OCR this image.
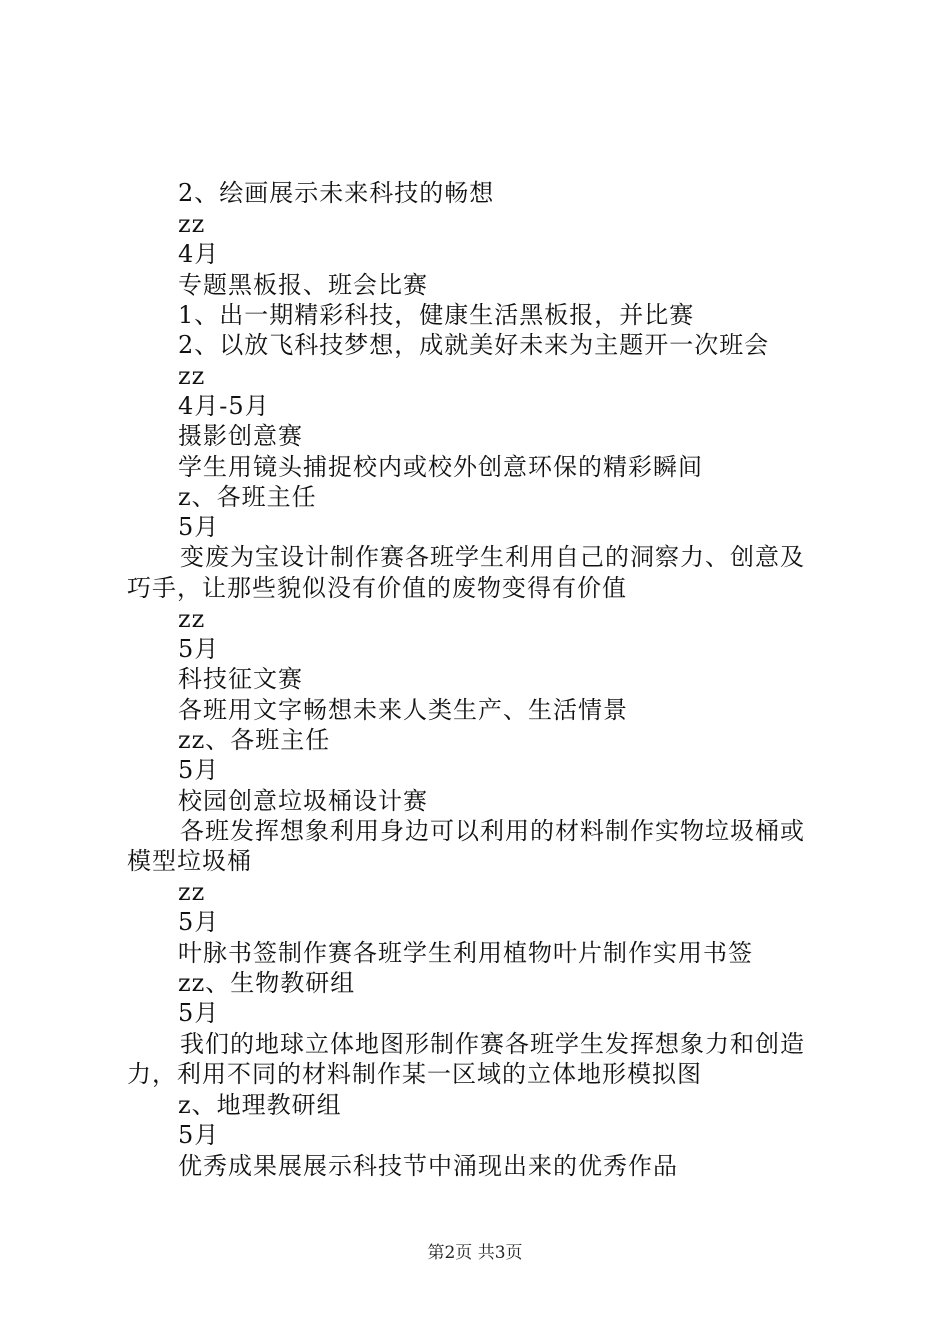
2、绘画展示未来科技的畅想
zz
4月
专题黑板报、班会比赛
1、出一期精彩科技，健康生活黑板报，并比赛
2、以放飞科技梦想，成就美好未来为主题开一次班会
zz
4月-5月
摄影创意赛
学生用镜头捕捉校内或校外创意环保的精彩瞬间
z、各班主任
5月
变废为宝设计制作赛各班学生利用自己的洞察力、创意及
巧手，让那些貌似没有价值的废物变得有价值
zz
5月
科技征文赛
各班用文字畅想未来人类生产、生活情景
zz、各班主任
5月
校园创意垃圾桶设计赛
各班发挥想象利用身边可以利用的材料制作实物垃圾桶或
模型垃圾桶
zz
5月
叶脉书签制作赛各班学生利用植物叶片制作实用书签
zz、生物教研组
5月
我们的地球立体地图形制作赛各班学生发挥想象力和创造
力，利用不同的材料制作某一区域的立体地形模拟图
z、地理教研组
5月
优秀成果展展示科技节中涌现出来的优秀作品
第2页 共3页
